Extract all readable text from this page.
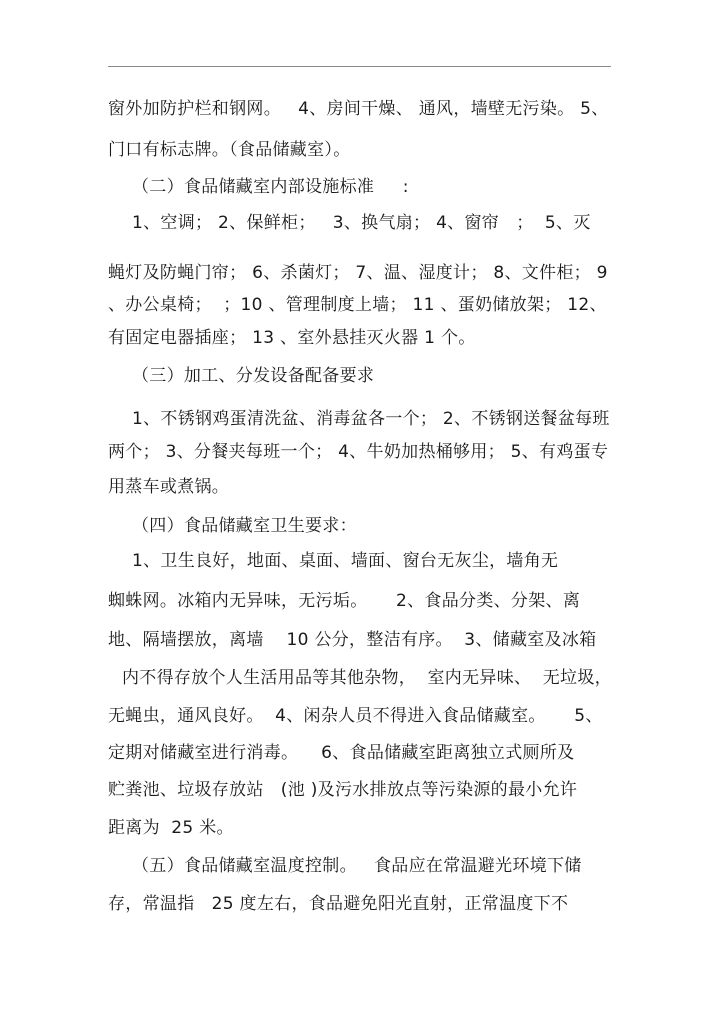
窗外加防护栏和钢网。   4、房间干燥、 通风，墙壁无污染。 5、
门口有标志牌。（食品储藏室）。
（二）食品储藏室内部设施标准     :
1、空调； 2、保鲜柜；   3、换气扇； 4、窗帘   ；  5、灭
蝇灯及防蝇门帘； 6、杀菌灯； 7、温、湿度计； 8、文件柜； 9
、办公桌椅；  ；10 、管理制度上墙； 11 、蛋奶储放架； 12、
有固定电器插座； 13 、室外悬挂灭火器 1 个。
（三）加工、分发设备配备要求
1、不锈钢鸡蛋清洗盆、消毒盆各一个； 2、不锈钢送餐盆每班
两个； 3、分餐夹每班一个； 4、牛奶加热桶够用； 5、有鸡蛋专
用蒸车或煮锅。
（四）食品储藏室卫生要求：
1、卫生良好，地面、桌面、墙面、窗台无灰尘，墙角无
蜘蛛网。冰箱内无异味，无污垢。     2、食品分类、分架、离
地、隔墙摆放，离墙    10 公分，整洁有序。  3、储藏室及冰箱
内不得存放个人生活用品等其他杂物，  室内无异味、  无垃圾，
无蝇虫，通风良好。  4、闲杂人员不得进入食品储藏室。     5、
定期对储藏室进行消毒。    6、食品储藏室距离独立式厕所及
贮粪池、垃圾存放站   (池 )及污水排放点等污染源的最小允许
距离为  25 米。
（五）食品储藏室温度控制。   食品应在常温避光环境下储
存，常温指   25 度左右，食品避免阳光直射，正常温度下不
